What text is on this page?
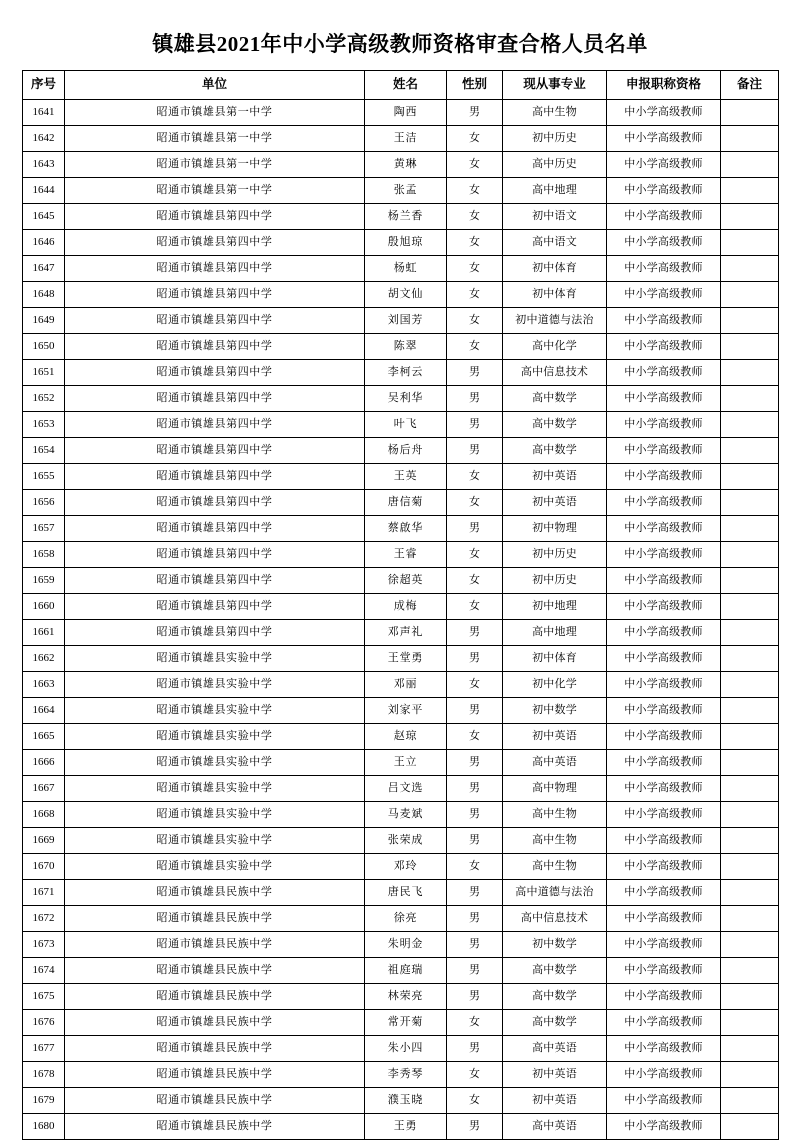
镇雄县2021年中小学高级教师资格审查合格人员名单
序号	单位	姓名	性别	现从事专业	申报职称资格	备注
1641	昭通市镇雄县第一中学	陶西	男	高中生物	中小学高级教师	
1642	昭通市镇雄县第一中学	王洁	女	初中历史	中小学高级教师	
1643	昭通市镇雄县第一中学	黄琳	女	高中历史	中小学高级教师	
1644	昭通市镇雄县第一中学	张孟	女	高中地理	中小学高级教师	
1645	昭通市镇雄县第四中学	杨兰香	女	初中语文	中小学高级教师	
1646	昭通市镇雄县第四中学	殷旭琼	女	高中语文	中小学高级教师	
1647	昭通市镇雄县第四中学	杨虹	女	初中体育	中小学高级教师	
1648	昭通市镇雄县第四中学	胡文仙	女	初中体育	中小学高级教师	
1649	昭通市镇雄县第四中学	刘国芳	女	初中道德与法治	中小学高级教师	
1650	昭通市镇雄县第四中学	陈翠	女	高中化学	中小学高级教师	
1651	昭通市镇雄县第四中学	李柯云	男	高中信息技术	中小学高级教师	
1652	昭通市镇雄县第四中学	吴利华	男	高中数学	中小学高级教师	
1653	昭通市镇雄县第四中学	叶飞	男	高中数学	中小学高级教师	
1654	昭通市镇雄县第四中学	杨后舟	男	高中数学	中小学高级教师	
1655	昭通市镇雄县第四中学	王英	女	初中英语	中小学高级教师	
1656	昭通市镇雄县第四中学	唐信菊	女	初中英语	中小学高级教师	
1657	昭通市镇雄县第四中学	蔡啟华	男	初中物理	中小学高级教师	
1658	昭通市镇雄县第四中学	王睿	女	初中历史	中小学高级教师	
1659	昭通市镇雄县第四中学	徐超英	女	初中历史	中小学高级教师	
1660	昭通市镇雄县第四中学	成梅	女	初中地理	中小学高级教师	
1661	昭通市镇雄县第四中学	邓声礼	男	高中地理	中小学高级教师	
1662	昭通市镇雄县实验中学	王堂勇	男	初中体育	中小学高级教师	
1663	昭通市镇雄县实验中学	邓丽	女	初中化学	中小学高级教师	
1664	昭通市镇雄县实验中学	刘家平	男	初中数学	中小学高级教师	
1665	昭通市镇雄县实验中学	赵琼	女	初中英语	中小学高级教师	
1666	昭通市镇雄县实验中学	王立	男	高中英语	中小学高级教师	
1667	昭通市镇雄县实验中学	吕文选	男	高中物理	中小学高级教师	
1668	昭通市镇雄县实验中学	马麦斌	男	高中生物	中小学高级教师	
1669	昭通市镇雄县实验中学	张荣成	男	高中生物	中小学高级教师	
1670	昭通市镇雄县实验中学	邓玲	女	高中生物	中小学高级教师	
1671	昭通市镇雄县民族中学	唐民飞	男	高中道德与法治	中小学高级教师	
1672	昭通市镇雄县民族中学	徐亮	男	高中信息技术	中小学高级教师	
1673	昭通市镇雄县民族中学	朱明金	男	初中数学	中小学高级教师	
1674	昭通市镇雄县民族中学	祖庭瑞	男	高中数学	中小学高级教师	
1675	昭通市镇雄县民族中学	林荣亮	男	高中数学	中小学高级教师	
1676	昭通市镇雄县民族中学	常开菊	女	高中数学	中小学高级教师	
1677	昭通市镇雄县民族中学	朱小四	男	高中英语	中小学高级教师	
1678	昭通市镇雄县民族中学	李秀琴	女	初中英语	中小学高级教师	
1679	昭通市镇雄县民族中学	濮玉晓	女	初中英语	中小学高级教师	
1680	昭通市镇雄县民族中学	王勇	男	高中英语	中小学高级教师	
